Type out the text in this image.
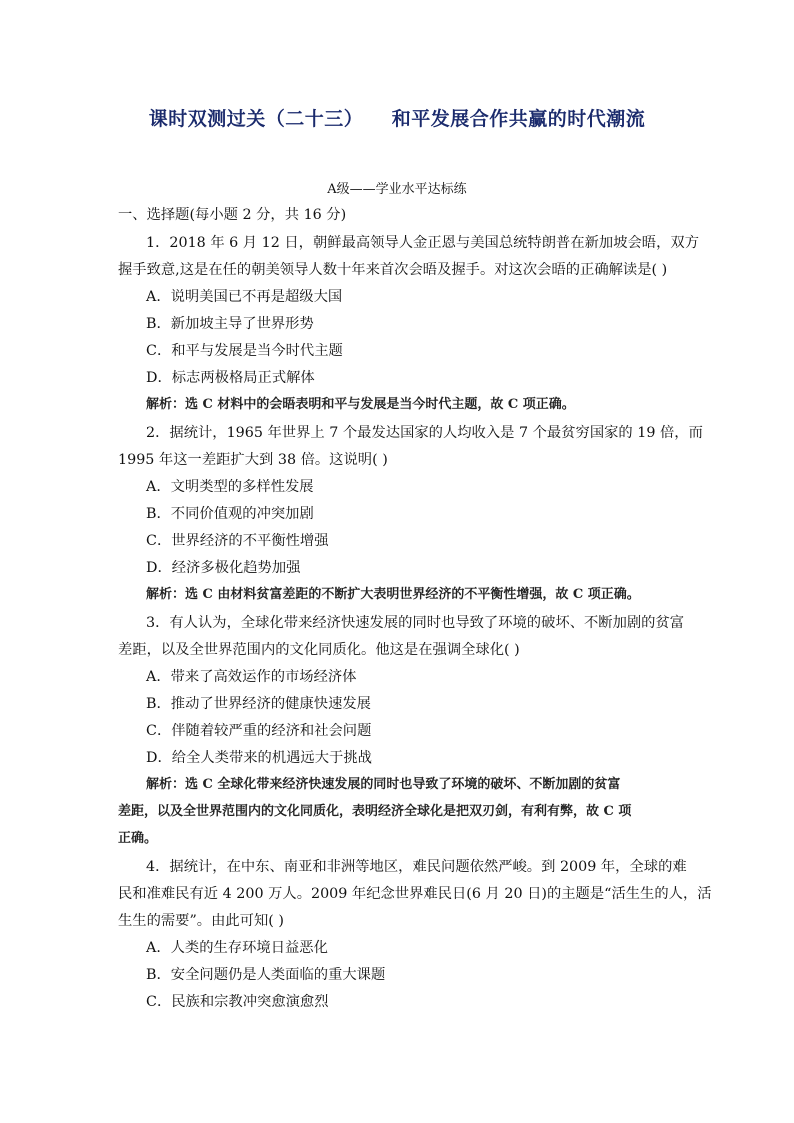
课时双测过关（二十三）    和平发展合作共赢的时代潮流
A级——学业水平达标练
一、选择题(每小题 2 分，共 16 分)
1．2018 年 6 月 12 日，朝鲜最高领导人金正恩与美国总统特朗普在新加坡会晤，双方
握手致意,这是在任的朝美领导人数十年来首次会晤及握手。对这次会晤的正确解读是( )
A．说明美国已不再是超级大国
B．新加坡主导了世界形势
C．和平与发展是当今时代主题
D．标志两极格局正式解体
解析：选 C 材料中的会晤表明和平与发展是当今时代主题，故 C 项正确。
2．据统计，1965 年世界上 7 个最发达国家的人均收入是 7 个最贫穷国家的 19 倍，而
1995 年这一差距扩大到 38 倍。这说明( )
A．文明类型的多样性发展
B．不同价值观的冲突加剧
C．世界经济的不平衡性增强
D．经济多极化趋势加强
解析：选 C 由材料贫富差距的不断扩大表明世界经济的不平衡性增强，故 C 项正确。
3．有人认为，全球化带来经济快速发展的同时也导致了环境的破坏、不断加剧的贫富
差距，以及全世界范围内的文化同质化。他这是在强调全球化( )
A．带来了高效运作的市场经济体
B．推动了世界经济的健康快速发展
C．伴随着较严重的经济和社会问题
D．给全人类带来的机遇远大于挑战
解析：选 C 全球化带来经济快速发展的同时也导致了环境的破坏、不断加剧的贫富
差距，以及全世界范围内的文化同质化，表明经济全球化是把双刃剑，有利有弊，故 C 项
正确。
4．据统计，在中东、南亚和非洲等地区，难民问题依然严峻。到 2009 年，全球的难
民和准难民有近 4 200 万人。2009 年纪念世界难民日(6 月 20 日)的主题是“活生生的人，活
生生的需要”。由此可知( )
A．人类的生存环境日益恶化
B．安全问题仍是人类面临的重大课题
C．民族和宗教冲突愈演愈烈
